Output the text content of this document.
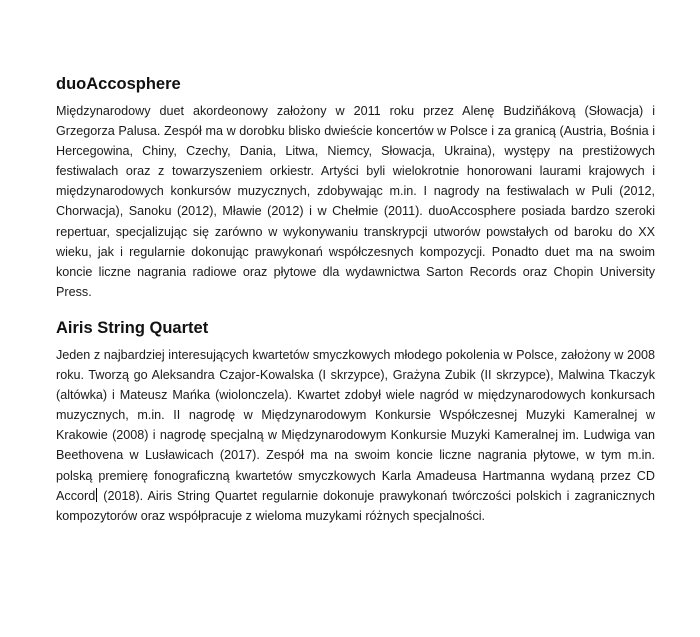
duoAccosphere

Międzynarodowy duet akordeonowy założony w 2011 roku przez Alenę Budziňákovą (Słowacja) i Grzegorza Palusa. Zespół ma w dorobku blisko dwieście koncertów w Polsce i za granicą (Austria, Bośnia i Hercegowina, Chiny, Czechy, Dania, Litwa, Niemcy, Słowacja, Ukraina), występy na prestiżowych festiwalach oraz z towarzyszeniem orkiestr. Artyści byli wielokrotnie honorowani laurami krajowych i międzynarodowych konkursów muzycznych, zdobywając m.in. I nagrody na festiwalach w Puli (2012, Chorwacja), Sanoku (2012), Mławie (2012) i w Chełmie (2011). duoAccosphere posiada bardzo szeroki repertuar, specjalizując się zarówno w wykonywaniu transkrypcji utworów powstałych od baroku do XX wieku, jak i regularnie dokonując prawykonań współczesnych kompozycji. Ponadto duet ma na swoim koncie liczne nagrania radiowe oraz płytowe dla wydawnictwa Sarton Records oraz Chopin University Press.

Airis String Quartet

Jeden z najbardziej interesujących kwartetów smyczkowych młodego pokolenia w Polsce, założony w 2008 roku. Tworzą go Aleksandra Czajor-Kowalska (I skrzypce), Grażyna Zubik (II skrzypce), Malwina Tkaczyk (altówka) i Mateusz Mańka (wiolonczela). Kwartet zdobył wiele nagród w międzynarodowych konkursach muzycznych, m.in. II nagrodę w Międzynarodowym Konkursie Współczesnej Muzyki Kameralnej w Krakowie (2008) i nagrodę specjalną w Międzynarodowym Konkursie Muzyki Kameralnej im. Ludwiga van Beethovena w Lusławicach (2017). Zespół ma na swoim koncie liczne nagrania płytowe, w tym m.in. polską premierę fonograficzną kwartetów smyczkowych Karla Amadeusa Hartmanna wydaną przez CD Accord (2018). Airis String Quartet regularnie dokonuje prawykonań twórczości polskich i zagranicznych kompozytorów oraz współpracuje z wieloma muzykami różnych specjalności.
